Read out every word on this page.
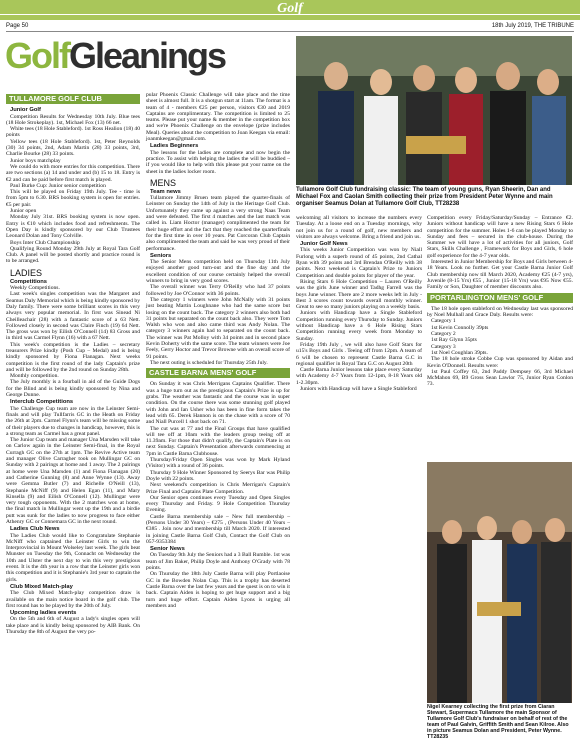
Golf
Page 50	18th July 2019, THE TRIBUNE
GolfGleanings
Tullamore Golf Club fundraising classic: The team of young guns, Ryan Sheerin, Dan and Michael Fox and Caolan Smith collecting their prize from President Peter Wynne and main organiser Seamus Dolan at Tullamore Golf Club, TT28238
Nigel Kearney collecting the first prize from Ciaran Stewart, Supermacs Tullamore the main Sponsor of Tullamore Golf Club's fundraiser on behalf of rest of the team of Paul Galvin, Griffith Smith and Sean Kilroe. Also in picture Seamus Dolan and President, Peter Wynne. TT28235
TULLAMORE GOLF CLUB

Junior Golf

Competition Results for Wednesday 10th July. Blue tees (18 Hole Strokeplay). 1st, Michael Fox (13) 66 net.

White tees (18 Hole Stableford). 1st Ross Healion (18) 40 points

Yellow tees (18 Hole Stableford). 1st, Peter Reynolds (30) 34 points, 2nd, Adam Martin (28) 33 points, 3rd, Charlie Bourke (28) 33 points.

Junior boys matchplay

We could do with more entries for this competition. There are two sections (a) 14 and under and (b) 15 to 18. Entry is €2 and can be paid before first match is played.

Paul Burke Cup: Junior senior competition

This will be played on Friday 19th July. Tee - time is from 5pm to 6.30. BRS booking system is open for entries. €5 per pair.

Junior open

Monday July 31st. BRS booking system is now open. Entry is €10 which includes food and refreshments. The Open Day is kindly sponsored by our Club Trustees Leonard Dolan and Tony Colville.

Boys Inter Club Championship

Qualifying Round Monday 29th July at Royal Tara Golf Club. A panel will be posted shortly and practice round is to be arranged.

LADIES

Competitions

Weekly Competitions.

Last week's singles competition was the Margaret and Seamus Daly Memorial which is being kindly sponsored by Daly family. There were some brilliant scores in this very always very popular memorial. In first was Sinead Ni Cheilleachair (28) with a fantastic score of a 63 Nett. Followed closely in second was Claire Finch (19) 64 Nett. The gross was won by Eilish O'Connell (14) 83 Gross and in third was Carmel Flynn (16) with a 67 Nett.

This week's competition is the Ladies – secretary treasurers Prize kindly (Posh Cup – Medal) and is being kindly sponsored by Fiona Flanagan. Next weeks competition is the first round of the lady Captain's prize and will be followed by the 2nd round on Sunday 28th.

Monthly competition.

The July monthly is a fourball in aid of the Guide Dogs for the Blind and is being kindly sponsored by Nina and George Dunne.

Interclub Competitions

The Challenge Cup team are now in the Leinster Semi-finals and will play Tullfarris GC in the Heath on Friday the 26th at 2pm. Carmel Flynn's team will be missing some of their players due to changes in handicap, however, this is a strong team as Carmel has a great panel.

The Junior Cup team and manager Una Marsden will take on Carlow again in the Leinster Semi-final, in the Royal Curragh GC on the 27th at 1pm. The Revive Active team and manager Olive Carragher took on Mullingar GC on Sunday with 2 pairings at home and 1 away. The 2 pairings at home were Una Marsden (1) and Fiona Flanagan (20) and Catherine Gunning (8) and Anne Wynne (13). Away were Gemma Butler (7) and Richelle O'Neill (13), Stephanie McNiff (9) and Helen Egan (11), and Mary Kinsella (9) and Eilish O'Connell (12). Mullingar were very tough opponents. With the 2 matches won at home, the final match in Mullingar went up the 19th and a birdie putt was sunk for the ladies to now progress to face either Athenry GC or Connemara GC in the next round.

Ladies Club News

The Ladies Club would like to Congratulate Stephanie McNiff who captained the Leinster Girls to win the Interprovincial in Mount Wolseley last week. The girls beat Munster on Tuesday the 9th, Connacht on Wednesday the 10th and Ulster the next day to win this very prestigious event. It is the 4th year in a row that the Leinster girls won this competition and it is Stephanie's 3rd year to captain the girls.

Club Mixed Match-play

The Club Mixed Match-play competition draw is available on the main notice board in the golf club. The first round has to be played by the 20th of July.

Upcoming ladies events

On the 5th and 6th of August a lady's singles open will take place and is kindly being sponsored by AIB Bank. On Thursday the 8th of August the very po-

pular Phoenix Classic Challenge will take place and the time sheet is almost full. It is a shotgun start at 11am. The format is a team of 4 - members €25 per person, visitors €30 and 2019 Captains are complimentary. The competition is limited to 25 teams. Please put your name & member in the competition box and we're Phoenix Challenge on the envelope (prize includes Meal). Queries about the competition to Joan Keegan via email: joanmkeegan@gmail.com.

Ladies Beginners

The lessons for the ladies are complete and now begin the practice. To assist with helping the ladies the will be buddied – if you would like to help with this please put your name on the sheet in the ladies locker room.

MENS

Team news

Tullamore Jimmy Bruen team played the quarter-finals of Leinster on Sunday the 14th of July in the Heritage Golf Club. Unfortunately they came up against a very strong Naas Team and were defeated. The first 4 matches and the last match was called in. Liam Hoctor (manager) complimented the team for their huge effort and the fact that they reached the quarterfinals for the first time in over 10 years. Pat Corcoran Club Captain also complimented the team and said he was very proud of their performance.

Seniors

The Senior Mens competition held on Thursday 11th July enjoyed another good turn-out and the fine day and the excellent condition of our course certainly helped the overall winners to bring in very good scores.

The overall winner was Terry O'Reilly who had 37 points followed by Joe O'Connor with 36 points.

The category 1 winners were John McNally with 31 points just beating Martin Loughnane who had the same score but losing on the count back. The category 2 winners also both had 31 points but separated on the count back also. They were Tom Walsh who won and also came third was Andy Nolan. The category 3 winners again had to separated on the count back. The winner was Pat Molloy with 34 points and in second place Kevin Doherty with the same score. The team winners were Joe Feely, Gerry Hoctor and Trevor Browne with an overall score of 91 points.

The next outing is scheduled for Thursday 25th July.

CASTLE BARNA MENS' GOLF

On Sunday it was Chris Merrigans Captains Qualifier. There was a huge turn out as the prestigious Captain's Prize is up for grabs. The weather was fantastic and the course was in super condition. On the course there was some stunning golf played with John and Ian Usher who has been in fine form takes the lead with 65. Derek Hannon is on the chase with a score of 70 and Niall Purcell 1 shot back on 71.

The cut was at 77 and the Final Groups that have qualified will tee off at 10am with the leaders group teeing off at 11.39am. For those that didn't qualify, the Captain's Plate is on next Sunday. Captain's Presentation afterwards commencing at 7pm in Castle Barna Clubhouse.

Thursday/Friday Open Singles was won by Mark Hyland (Visitor) with a round of 36 points.

Thursday 9 Hole Winner Sponsored by Seerys Bar was Philip Doyle with 22 points.

Next weekend's competition is Chris Merrigan's Captain's Prize Final and Captains Plate Competition.

Our Senior open continues every Tuesday and Open Singles every Thursday and Friday. 9 Hole Competition Thursday Evening.

Castle Barna membership sale – New full membership – (Persons Under 30 Years) – €275 , (Persons Under 40 Years – €385 . Join now and membership till March 2020. If interested in joining Castle Barna Golf Club, Contact the Golf Club on 057-9353384

Senior News

On Tuesday 9th July the Seniors had a 3 Ball Rumble. 1st was team of Jim Baker, Philip Doyle and Anthony O'Grady with 78 points.

On Thursday the 18th July Castle Barna will play Portlaoise GC in the Bowden Nolan Cup. This is a trophy has deserted Castle Barna over the last few years and the quest is on to win it back. Captain Aiden is hoping to get huge support and a big turn and huge effort. Captain Aiden Lyons is urging all members and

welcoming all visitors to increase the numbers every Tuesday. At a loose end on a Tuesday mornings, why not join us for a round of golf, new members and visitors are always welcome. Bring a friend and join us.

Junior Golf News

This weeks Junior Competition was won by Niall Furlong with a superb round of 45 points, 2nd Cathal Ryan with 39 points and 3rd Brendan O'Reilly with 38 points. Next weekend is Captain's Prize to Juniors Competition and double points for player of the year.

Rising Stars 6 Hole Competition – Lauren O'Reilly was the girls June winner and Tadhg Farrell was the boys June winner. There are 2 more weeks left in July - Best 3 scores count towards overall monthly winner. Great to see so many juniors playing on a weekly basis.

Juniors with Handicap have a Single Stableford Competition running every Thursday to Sunday. Juniors without Handicap have a 6 Hole Rising Stars Competition running every week from Monday to Sunday.

Friday 19th July , we will also have Golf Stars for u15's Boys and Girls . Teeing off from 12pm. A team of 6 will be chosen to represent Castle Barna G.C in regional qualifier in Royal Tara G.C on August 20th

Castle Barna Junior lessons take place every Saturday with Academy 4-7 Years from 12-1pm, 8-18 Years old 1-2.30pm.

Juniors with Handicap will have a Single Stableford

Competition every Friday/Saturday/Sunday – Entrance €2. Juniors without handicap will have a new Rising Stars 6 Hole competition for the summer. Holes 1-6 can be played Monday to Sunday and fees – secured in the club-house. During the Summer we will have a lot of activities for all juniors, Golf Stars, Skills Challenge , Framework for Boys and Girls, 6 hole golf experience for the 4-7 year olds.

Interested in Junior Membership for Boys and Girls between 4-18 Years. Look no further. Get your Castle Barna Junior Golf Club membership now till March 2020, Academy €25 (4-7 yrs), Juvenile (8-15 Yrs) €55 , Junior (15-18 Yrs) was €95 Now €55. Family or Son, Daughter of member discounts also.

PORTARLINGTON MENS' GOLF

The 18 hole open stableford on Wednesday last was sponsored by Noel Mulhall and Grace Daly. Results were:

Category 1

1st Kevin Connolly 39pts

Category 2

1st Ray Glynn 35pts

Category 3

1st Noel Coughlan 39pts.

The 18 hole stroke Cobbe Cup was sponsored by Aidan and Kevin O'Donnell. Results were:

1st Paul Coffey 63, 2nd Paddy Dempsey 66, 3rd Michael McMahon 69, B9 Gross Sean Lawlor 75, Junior Ryan Conlon 73.
